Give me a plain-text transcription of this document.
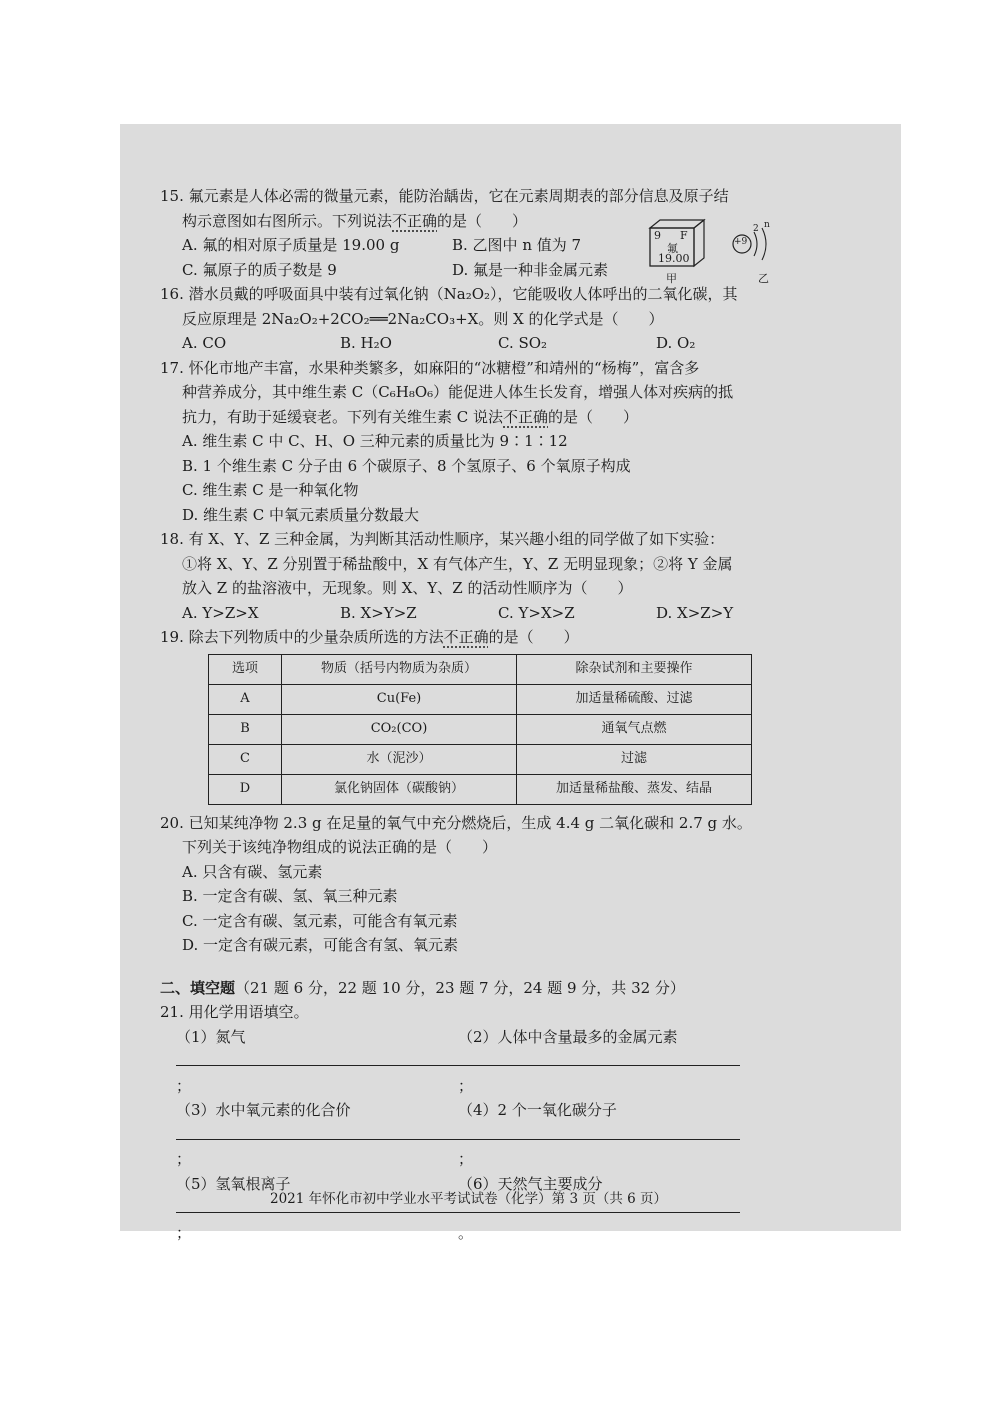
15. 氟元素是人体必需的微量元素，能防治龋齿，它在元素周期表的部分信息及原子结
构示意图如右图所示。下列说法不正确的是（　　）
A. 氟的相对原子质量是 19.00 g	B. 乙图中 n 值为 7
C. 氟原子的质子数是 9	D. 氟是一种非金属元素
16. 潜水员戴的呼吸面具中装有过氧化钠（Na₂O₂），它能吸收人体呼出的二氧化碳，其
反应原理是 2Na₂O₂+2CO₂══2Na₂CO₃+X。则 X 的化学式是（　　）
A. CO	B. H₂O	C. SO₂	D. O₂
17. 怀化市地产丰富，水果种类繁多，如麻阳的“冰糖橙”和靖州的“杨梅”，富含多
种营养成分，其中维生素 C（C₆H₈O₆）能促进人体生长发育，增强人体对疾病的抵
抗力，有助于延缓衰老。下列有关维生素 C 说法不正确的是（　　）
A. 维生素 C 中 C、H、O 三种元素的质量比为 9∶1∶12
B. 1 个维生素 C 分子由 6 个碳原子、8 个氢原子、6 个氧原子构成
C. 维生素 C 是一种氧化物
D. 维生素 C 中氧元素质量分数最大
18. 有 X、Y、Z 三种金属，为判断其活动性顺序，某兴趣小组的同学做了如下实验：
①将 X、Y、Z 分别置于稀盐酸中，X 有气体产生，Y、Z 无明显现象；②将 Y 金属
放入 Z 的盐溶液中，无现象。则 X、Y、Z 的活动性顺序为（　　）
A. Y>Z>X	B. X>Y>Z	C. Y>X>Z	D. X>Z>Y
19. 除去下列物质中的少量杂质所选的方法不正确的是（　　）
选项	物质（括号内物质为杂质）	除杂试剂和主要操作
A	Cu(Fe)	加适量稀硫酸、过滤
B	CO₂(CO)	通氧气点燃
C	水（泥沙）	过滤
D	氯化钠固体（碳酸钠）	加适量稀盐酸、蒸发、结晶
20. 已知某纯净物 2.3 g 在足量的氧气中充分燃烧后，生成 4.4 g 二氧化碳和 2.7 g 水。
下列关于该纯净物组成的说法正确的是（　　）
A. 只含有碳、氢元素
B. 一定含有碳、氢、氧三种元素
C. 一定含有碳、氢元素，可能含有氧元素
D. 一定含有碳元素，可能含有氢、氧元素
二、填空题（21 题 6 分，22 题 10 分，23 题 7 分，24 题 9 分，共 32 分）
21. 用化学用语填空。
（1）氮气；
（2）人体中含量最多的金属元素；
（3）水中氧元素的化合价；
（4）2 个一氧化碳分子；
（5）氢氧根离子；
（6）天然气主要成分。
9 F
氟
19.00
甲
+9
2 n
乙
2021 年怀化市初中学业水平考试试卷（化学）第 3 页（共 6 页）
